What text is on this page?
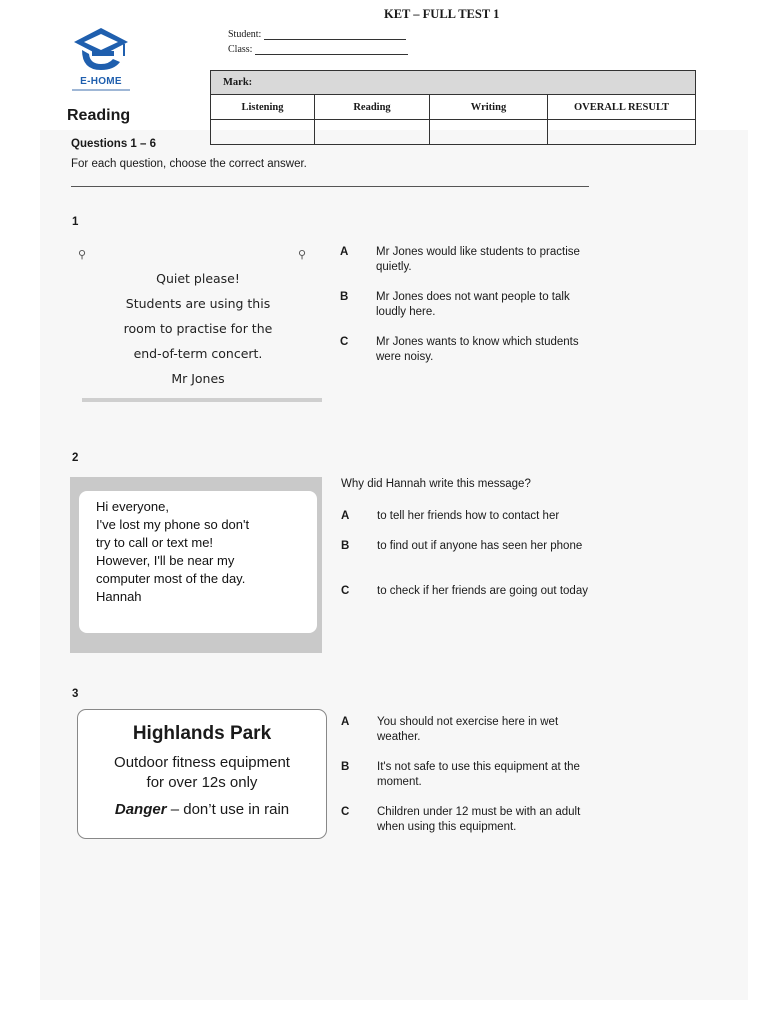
E-HOME
KET – FULL TEST 1
Student:
Class:
Mark:			
Listening	Reading	Writing	OVERALL RESULT

Reading
Questions 1 – 6
For each question, choose the correct answer.
1
⚲	⚲
Quiet please!
Students are using this
room to practise for the
end-of-term concert.
Mr Jones
A Mr Jones would like students to practise quietly.
B Mr Jones does not want people to talk loudly here.
C Mr Jones wants to know which students were noisy.
2
Hi everyone,
I've lost my phone so don't
try to call or text me!
However, I'll be near my
computer most of the day.
Hannah
Why did Hannah write this message?
A to tell her friends how to contact her
B to find out if anyone has seen her phone
C to check if her friends are going out today
3
Highlands Park
Outdoor fitness equipment
for over 12s only
Danger – don’t use in rain
A You should not exercise here in wet weather.
B It's not safe to use this equipment at the moment.
C Children under 12 must be with an adult when using this equipment.
